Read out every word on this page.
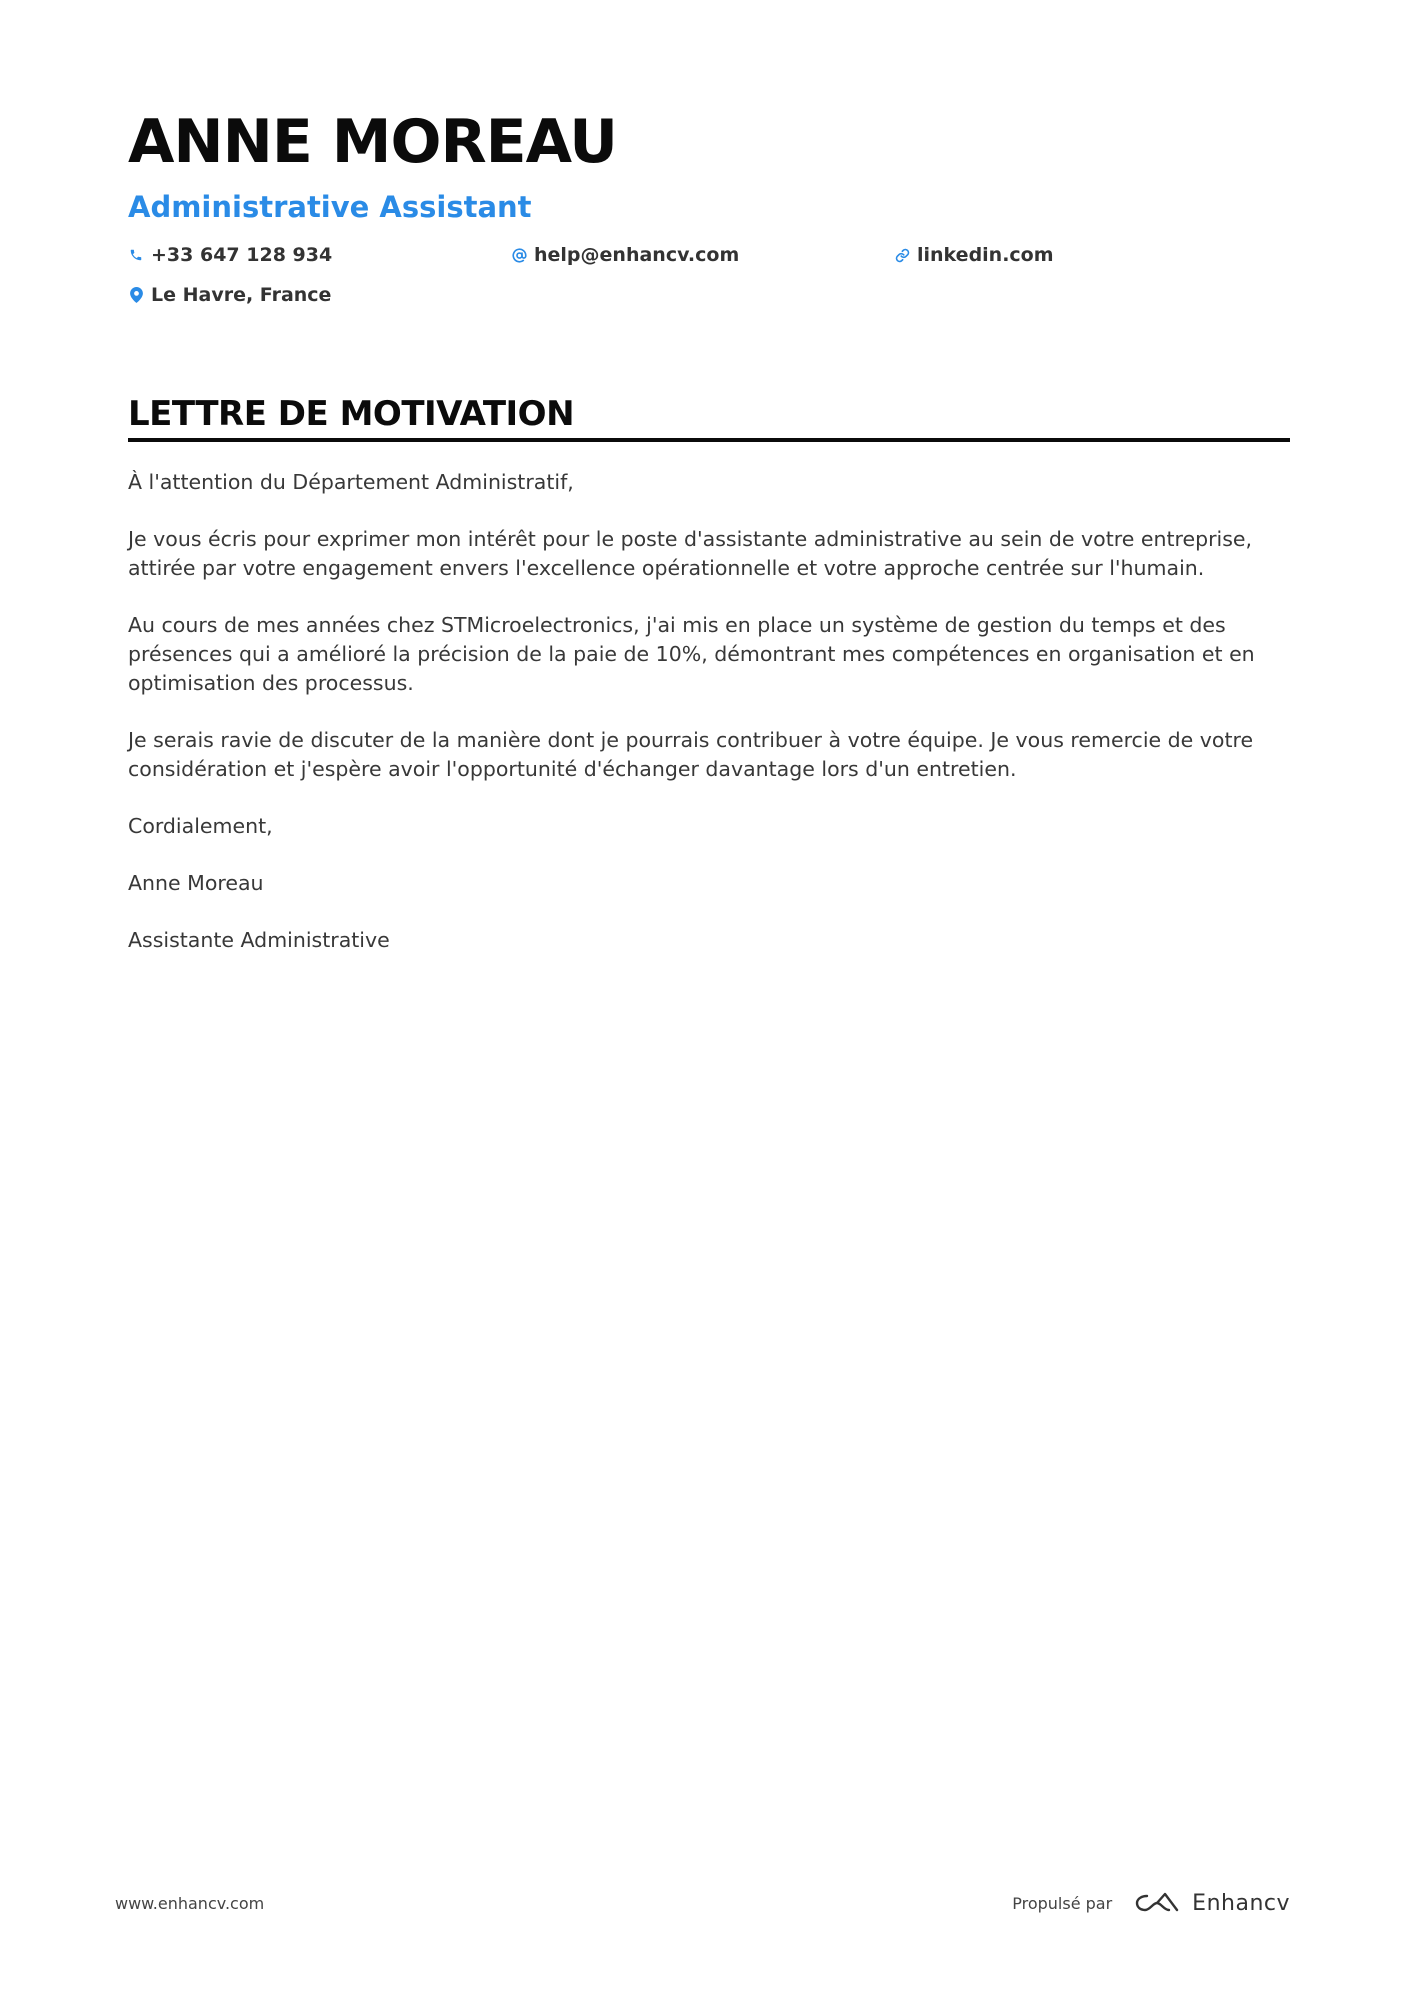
ANNE MOREAU
Administrative Assistant
+33 647 128 934	help@enhancv.com	linkedin.com
Le Havre, France
LETTRE DE MOTIVATION

À l'attention du Département Administratif,

Je vous écris pour exprimer mon intérêt pour le poste d'assistante administrative au sein de votre entreprise, attirée par votre engagement envers l'excellence opérationnelle et votre approche centrée sur l'humain.

Au cours de mes années chez STMicroelectronics, j'ai mis en place un système de gestion du temps et des présences qui a amélioré la précision de la paie de 10%, démontrant mes compétences en organisation et en optimisation des processus.

Je serais ravie de discuter de la manière dont je pourrais contribuer à votre équipe. Je vous remercie de votre considération et j'espère avoir l'opportunité d'échanger davantage lors d'un entretien.

Cordialement,

Anne Moreau

Assistante Administrative

www.enhancv.com	Propulsé par	Enhancv
